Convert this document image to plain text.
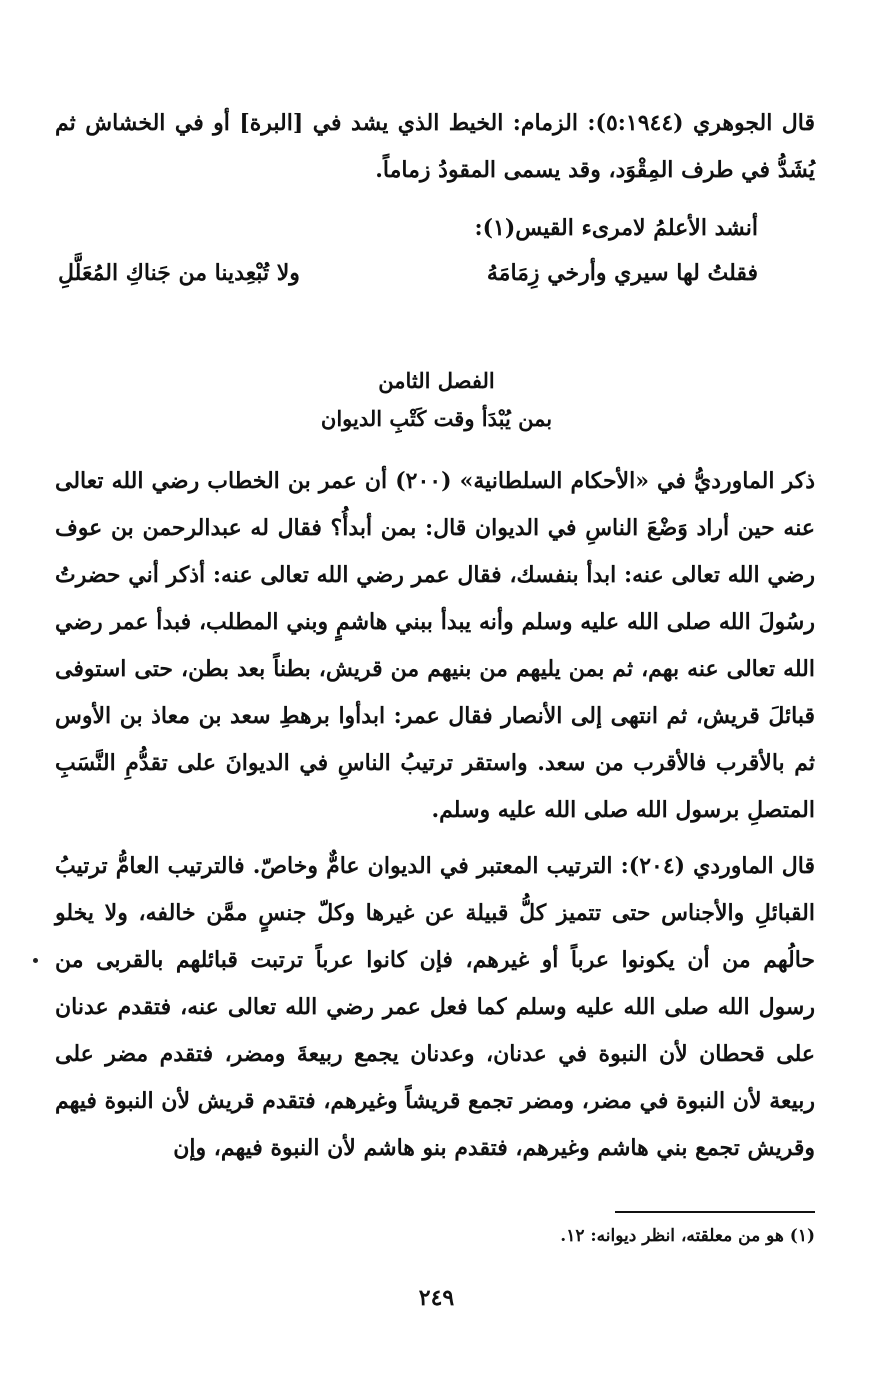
قال الجوهري (٥:١٩٤٤): الزمام: الخيط الذي يشد في [البرة] أو في الخشاش ثم يُشَدُّ في طرف المِقْوَد، وقد يسمى المقودُ زماماً.
أنشد الأعلمُ لامرىء القيس(١):
فقلتُ لها سيري وأرخي زِمَامَهُ
ولا تُبْعِدينا من جَناكِ المُعَلَّلِ
الفصل الثامن
بمن يُبْدَأ وقت كَتْبِ الديوان
ذكر الماورديُّ في «الأحكام السلطانية» (٢٠٠) أن عمر بن الخطاب رضي الله تعالى عنه حين أراد وَضْعَ الناسِ في الديوان قال: بمن أبدأُ؟ فقال له عبدالرحمن بن عوف رضي الله تعالى عنه: ابدأ بنفسك، فقال عمر رضي الله تعالى عنه: أذكر أني حضرتُ رسُولَ الله صلى الله عليه وسلم وأنه يبدأ ببني هاشمٍ وبني المطلب، فبدأ عمر رضي الله تعالى عنه بهم، ثم بمن يليهم من بنيهم من قريش، بطناً بعد بطن، حتى استوفى قبائلَ قريش، ثم انتهى إلى الأنصار فقال عمر: ابدأوا برهطِ سعد بن معاذ بن الأوس ثم بالأقرب فالأقرب من سعد. واستقر ترتيبُ الناسِ في الديوانَ على تقدُّمِ النَّسَبِ المتصلِ برسول الله صلى الله عليه وسلم.
قال الماوردي (٢٠٤): الترتيب المعتبر في الديوان عامٌّ وخاصّ. فالترتيب العامُّ ترتيبُ القبائلِ والأجناس حتى تتميز كلُّ قبيلة عن غيرها وكلّ جنسٍ ممَّن خالفه، ولا يخلو حالُهم من أن يكونوا عرباً أو غيرهم، فإن كانوا عرباً ترتبت قبائلهم بالقربى من رسول الله صلى الله عليه وسلم كما فعل عمر رضي الله تعالى عنه، فتقدم عدنان على قحطان لأن النبوة في عدنان، وعدنان يجمع ربيعةَ ومضر، فتقدم مضر على ربيعة لأن النبوة في مضر، ومضر تجمع قريشاً وغيرهم، فتقدم قريش لأن النبوة فيهم وقريش تجمع بني هاشم وغيرهم، فتقدم بنو هاشم لأن النبوة فيهم، وإن
(١) هو من معلقته، انظر ديوانه: ١٢.
٢٤٩
